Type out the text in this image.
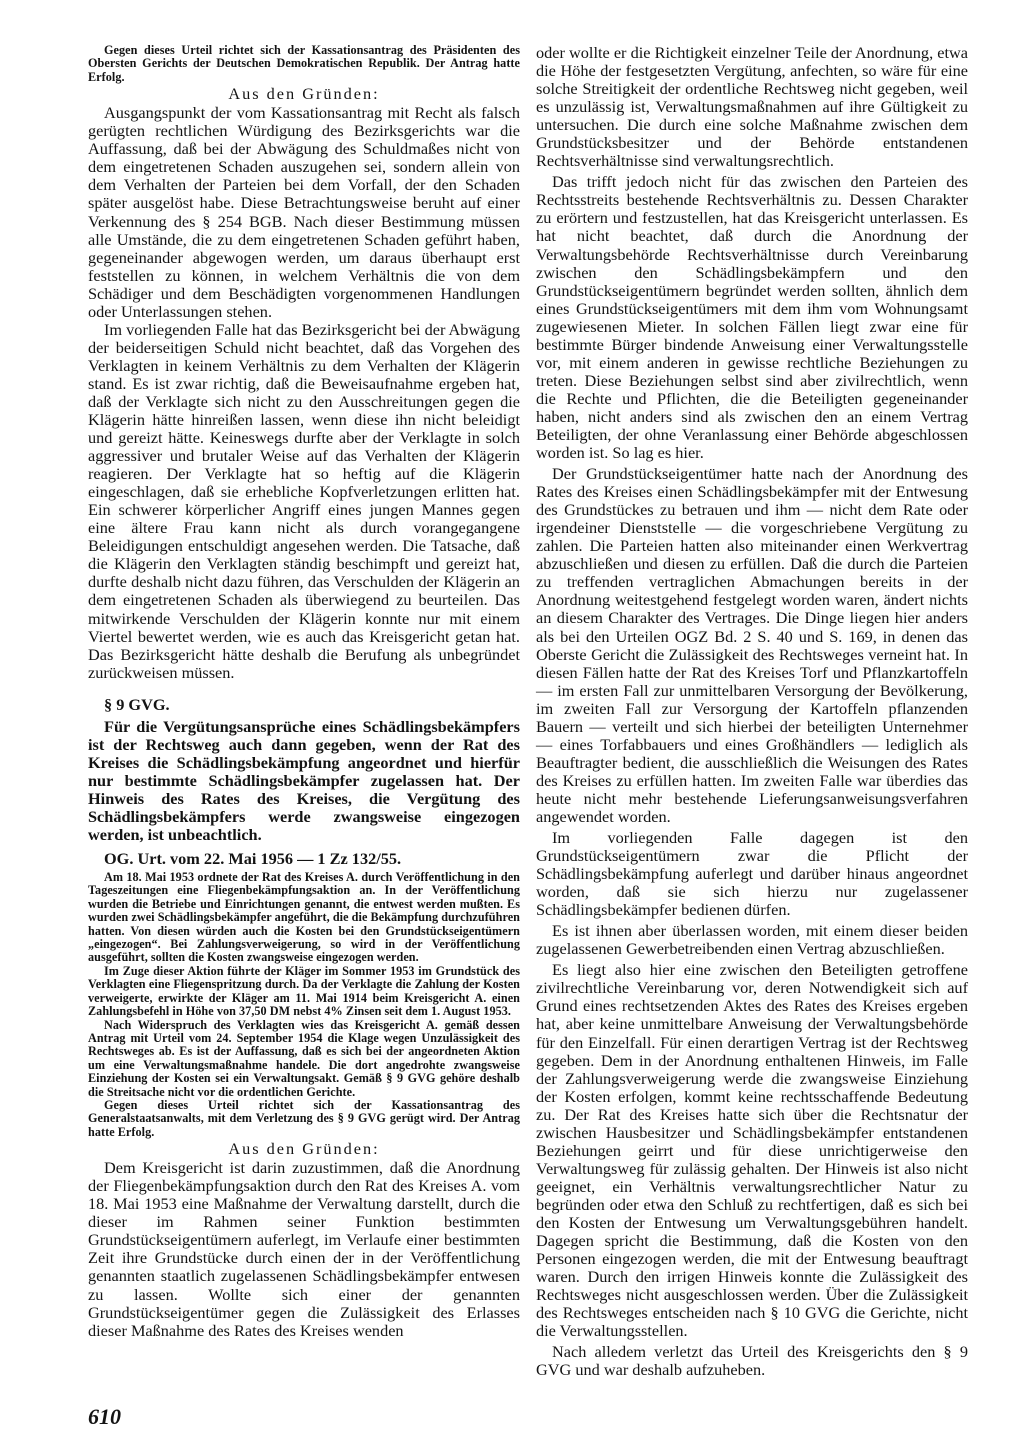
Gegen dieses Urteil richtet sich der Kassationsantrag des Präsidenten des Obersten Gerichts der Deutschen Demokratischen Republik. Der Antrag hatte Erfolg.

Aus den Gründen:

Ausgangspunkt der vom Kassationsantrag mit Recht als falsch gerügten rechtlichen Würdigung des Bezirksgerichts war die Auffassung, daß bei der Abwägung des Schuldmaßes nicht von dem eingetretenen Schaden auszugehen sei, sondern allein von dem Verhalten der Parteien bei dem Vorfall, der den Schaden später ausgelöst habe. Diese Betrachtungsweise beruht auf einer Verkennung des § 254 BGB. Nach dieser Bestimmung müssen alle Umstände, die zu dem eingetretenen Schaden geführt haben, gegeneinander abgewogen werden, um daraus überhaupt erst feststellen zu können, in welchem Verhältnis die von dem Schädiger und dem Beschädigten vorgenommenen Handlungen oder Unterlassungen stehen.

Im vorliegenden Falle hat das Bezirksgericht bei der Abwägung der beiderseitigen Schuld nicht beachtet, daß das Vorgehen des Verklagten in keinem Verhältnis zu dem Verhalten der Klägerin stand. Es ist zwar richtig, daß die Beweisaufnahme ergeben hat, daß der Verklagte sich nicht zu den Ausschreitungen gegen die Klägerin hätte hinreißen lassen, wenn diese ihn nicht beleidigt und gereizt hätte. Keineswegs durfte aber der Verklagte in solch aggressiver und brutaler Weise auf das Verhalten der Klägerin reagieren. Der Verklagte hat so heftig auf die Klägerin eingeschlagen, daß sie erhebliche Kopfverletzungen erlitten hat. Ein schwerer körperlicher Angriff eines jungen Mannes gegen eine ältere Frau kann nicht als durch vorangegangene Beleidigungen entschuldigt angesehen werden. Die Tatsache, daß die Klägerin den Verklagten ständig beschimpft und gereizt hat, durfte deshalb nicht dazu führen, das Verschulden der Klägerin an dem eingetretenen Schaden als überwiegend zu beurteilen. Das mitwirkende Verschulden der Klägerin konnte nur mit einem Viertel bewertet werden, wie es auch das Kreisgericht getan hat. Das Bezirksgericht hätte deshalb die Berufung als unbegründet zurückweisen müssen.

§ 9 GVG.

Für die Vergütungsansprüche eines Schädlingsbekämpfers ist der Rechtsweg auch dann gegeben, wenn der Rat des Kreises die Schädlingsbekämpfung angeordnet und hierfür nur bestimmte Schädlingsbekämpfer zugelassen hat. Der Hinweis des Rates des Kreises, die Vergütung des Schädlingsbekämpfers werde zwangsweise eingezogen werden, ist unbeachtlich.

OG. Urt. vom 22. Mai 1956 — 1 Zz 132/55.

Am 18. Mai 1953 ordnete der Rat des Kreises A. durch Veröffentlichung in den Tageszeitungen eine Fliegenbekämpfungsaktion an. In der Veröffentlichung wurden die Betriebe und Einrichtungen genannt, die entwest werden mußten. Es wurden zwei Schädlingsbekämpfer angeführt, die die Bekämpfung durchzuführen hatten. Von diesen würden auch die Kosten bei den Grundstückseigentümern „eingezogen“. Bei Zahlungsverweigerung, so wird in der Veröffentlichung ausgeführt, sollten die Kosten zwangsweise eingezogen werden.

Im Zuge dieser Aktion führte der Kläger im Sommer 1953 im Grundstück des Verklagten eine Fliegenspritzung durch. Da der Verklagte die Zahlung der Kosten verweigerte, erwirkte der Kläger am 11. Mai 1914 beim Kreisgericht A. einen Zahlungsbefehl in Höhe von 37,50 DM nebst 4% Zinsen seit dem 1. August 1953.

Nach Widerspruch des Verklagten wies das Kreisgericht A. gemäß dessen Antrag mit Urteil vom 24. September 1954 die Klage wegen Unzulässigkeit des Rechtsweges ab. Es ist der Auffassung, daß es sich bei der angeordneten Aktion um eine Verwaltungsmaßnahme handele. Die dort angedrohte zwangsweise Einziehung der Kosten sei ein Verwaltungsakt. Gemäß § 9 GVG gehöre deshalb die Streitsache nicht vor die ordentlichen Gerichte.

Gegen dieses Urteil richtet sich der Kassationsantrag des Generalstaatsanwalts, mit dem Verletzung des § 9 GVG gerügt wird. Der Antrag hatte Erfolg.

Aus den Gründen:

Dem Kreisgericht ist darin zuzustimmen, daß die Anordnung der Fliegenbekämpfungsaktion durch den Rat des Kreises A. vom 18. Mai 1953 eine Maßnahme der Verwaltung darstellt, durch die dieser im Rahmen seiner Funktion bestimmten Grundstückseigentümern auferlegt, im Verlaufe einer bestimmten Zeit ihre Grundstücke durch einen der in der Veröffentlichung genannten staatlich zugelassenen Schädlingsbekämpfer entwesen zu lassen. Wollte sich einer der genannten Grundstückseigentümer gegen die Zulässigkeit des Erlasses dieser Maßnahme des Rates des Kreises wenden

oder wollte er die Richtigkeit einzelner Teile der Anordnung, etwa die Höhe der festgesetzten Vergütung, anfechten, so wäre für eine solche Streitigkeit der ordentliche Rechtsweg nicht gegeben, weil es unzulässig ist, Verwaltungsmaßnahmen auf ihre Gültigkeit zu untersuchen. Die durch eine solche Maßnahme zwischen dem Grundstücksbesitzer und der Behörde entstandenen Rechtsverhältnisse sind verwaltungsrechtlich.

Das trifft jedoch nicht für das zwischen den Parteien des Rechtsstreits bestehende Rechtsverhältnis zu. Dessen Charakter zu erörtern und festzustellen, hat das Kreisgericht unterlassen. Es hat nicht beachtet, daß durch die Anordnung der Verwaltungsbehörde Rechtsverhältnisse durch Vereinbarung zwischen den Schädlingsbekämpfern und den Grundstückseigentümern begründet werden sollten, ähnlich dem eines Grundstückseigentümers mit dem ihm vom Wohnungsamt zugewiesenen Mieter. In solchen Fällen liegt zwar eine für bestimmte Bürger bindende Anweisung einer Verwaltungsstelle vor, mit einem anderen in gewisse rechtliche Beziehungen zu treten. Diese Beziehungen selbst sind aber zivilrechtlich, wenn die Rechte und Pflichten, die die Beteiligten gegeneinander haben, nicht anders sind als zwischen den an einem Vertrag Beteiligten, der ohne Veranlassung einer Behörde abgeschlossen worden ist. So lag es hier.

Der Grundstückseigentümer hatte nach der Anordnung des Rates des Kreises einen Schädlingsbekämpfer mit der Entwesung des Grundstückes zu betrauen und ihm — nicht dem Rate oder irgendeiner Dienststelle — die vorgeschriebene Vergütung zu zahlen. Die Parteien hatten also miteinander einen Werkvertrag abzuschließen und diesen zu erfüllen. Daß die durch die Parteien zu treffenden vertraglichen Abmachungen bereits in der Anordnung weitestgehend festgelegt worden waren, ändert nichts an diesem Charakter des Vertrages. Die Dinge liegen hier anders als bei den Urteilen OGZ Bd. 2 S. 40 und S. 169, in denen das Oberste Gericht die Zulässigkeit des Rechtsweges verneint hat. In diesen Fällen hatte der Rat des Kreises Torf und Pflanzkartoffeln — im ersten Fall zur unmittelbaren Versorgung der Bevölkerung, im zweiten Fall zur Versorgung der Kartoffeln pflanzenden Bauern — verteilt und sich hierbei der beteiligten Unternehmer — eines Torfabbauers und eines Großhändlers — lediglich als Beauftragter bedient, die ausschließlich die Weisungen des Rates des Kreises zu erfüllen hatten. Im zweiten Falle war überdies das heute nicht mehr bestehende Lieferungsanweisungsverfahren angewendet worden.

Im vorliegenden Falle dagegen ist den Grundstückseigentümern zwar die Pflicht der Schädlingsbekämpfung auferlegt und darüber hinaus angeordnet worden, daß sie sich hierzu nur zugelassener Schädlingsbekämpfer bedienen dürfen.

Es ist ihnen aber überlassen worden, mit einem dieser beiden zugelassenen Gewerbetreibenden einen Vertrag abzuschließen.

Es liegt also hier eine zwischen den Beteiligten getroffene zivilrechtliche Vereinbarung vor, deren Notwendigkeit sich auf Grund eines rechtsetzenden Aktes des Rates des Kreises ergeben hat, aber keine unmittelbare Anweisung der Verwaltungsbehörde für den Einzelfall. Für einen derartigen Vertrag ist der Rechtsweg gegeben. Dem in der Anordnung enthaltenen Hinweis, im Falle der Zahlungsverweigerung werde die zwangsweise Einziehung der Kosten erfolgen, kommt keine rechtsschaffende Bedeutung zu. Der Rat des Kreises hatte sich über die Rechtsnatur der zwischen Hausbesitzer und Schädlingsbekämpfer entstandenen Beziehungen geirrt und für diese unrichtigerweise den Verwaltungsweg für zulässig gehalten. Der Hinweis ist also nicht geeignet, ein Verhältnis verwaltungsrechtlicher Natur zu begründen oder etwa den Schluß zu rechtfertigen, daß es sich bei den Kosten der Entwesung um Verwaltungsgebühren handelt. Dagegen spricht die Bestimmung, daß die Kosten von den Personen eingezogen werden, die mit der Entwesung beauftragt waren. Durch den irrigen Hinweis konnte die Zulässigkeit des Rechtsweges nicht ausgeschlossen werden. Über die Zulässigkeit des Rechtsweges entscheiden nach § 10 GVG die Gerichte, nicht die Verwaltungsstellen.

Nach alledem verletzt das Urteil des Kreisgerichts den § 9 GVG und war deshalb aufzuheben.

610
